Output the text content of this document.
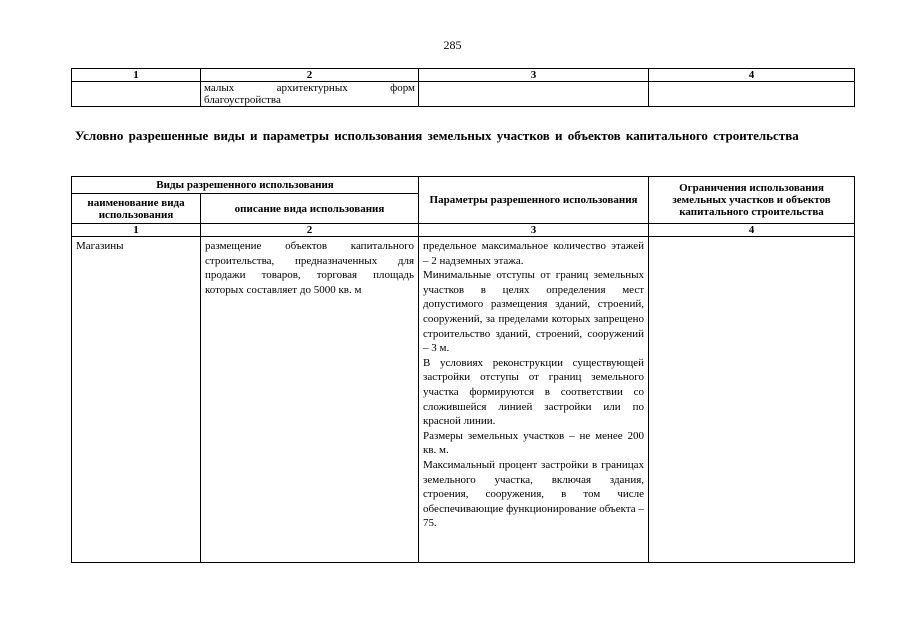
285
1	2	3	4

	малых архитектурных форм
благоустройства		
Условно разрешенные виды и параметры использования земельных участков и объектов капитального строительства
Виды разрешенного использования		Параметры разрешенного использования	Ограничения использования земельных участков и объектов капитального строительства
наименование вида использования	описание вида использования		
1	2	3	4
Магазины	размещение объектов капитального строительства, предназначенных для продажи товаров, торговая площадь которых составляет до 5000 кв. м	предельное максимальное количество этажей – 2 надземных этажа.
Минимальные отступы от границ земельных участков в целях определения мест допустимого размещения зданий, строений, сооружений, за пределами которых запрещено строительство зданий, строений, сооружений – 3 м.
В условиях реконструкции существующей застройки отступы от границ земельного участка формируются в соответствии со сложившейся линией застройки или по красной линии.
Размеры земельных участков – не менее 200 кв. м.
Максимальный процент застройки в границах земельного участка, включая здания, строения, сооружения, в том числе обеспечивающие функционирование объекта – 75.	
